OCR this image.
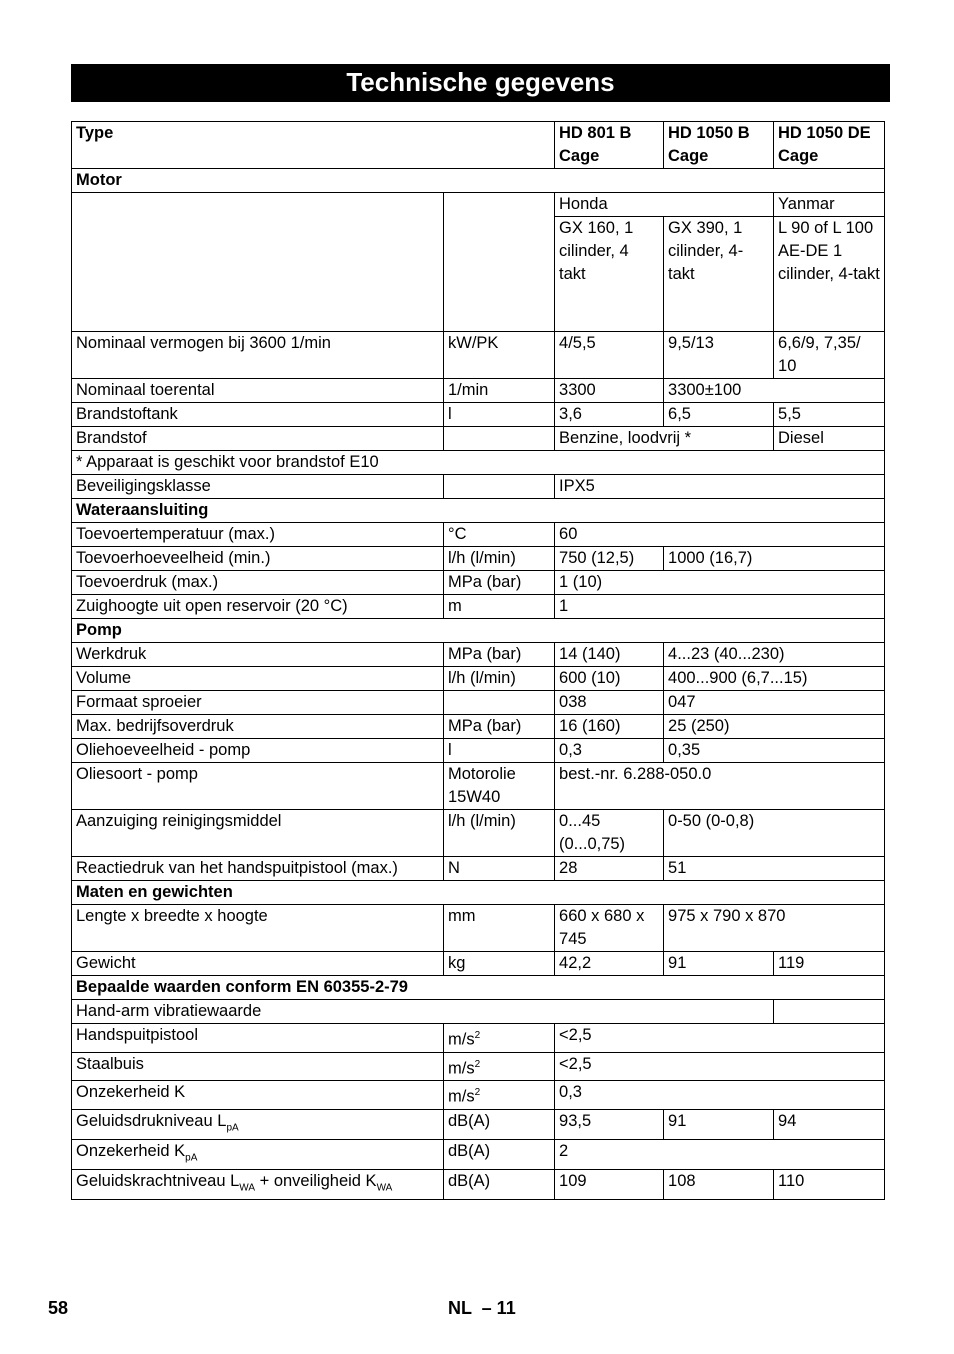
Technische gegevens
Type		HD 801 B Cage	HD 1050 B Cage	HD 1050 DE Cage
Motor				
		Honda		Yanmar
		GX 160, 1 cilinder, 4 takt	GX 390, 1 cilinder, 4-takt	L 90 of L 100 AE-DE 1 cilinder, 4-takt
Nominaal vermogen bij 3600 1/min	kW/PK	4/5,5	9,5/13	6,6/9, 7,35/ 10
Nominaal toerental	1/min	3300	3300±100	
Brandstoftank	l	3,6	6,5	5,5
Brandstof		Benzine, loodvrij *		Diesel
* Apparaat is geschikt voor brandstof E10				
Beveiligingsklasse		IPX5		
Wateraansluiting				
Toevoertemperatuur (max.)	°C	60		
Toevoerhoeveelheid (min.)	l/h (l/min)	750 (12,5)	1000 (16,7)	
Toevoerdruk (max.)	MPa (bar)	1 (10)		
Zuighoogte uit open reservoir (20 °C)	m	1		
Pomp				
Werkdruk	MPa (bar)	14 (140)	4...23 (40...230)	
Volume	l/h (l/min)	600 (10)	400...900 (6,7...15)	
Formaat sproeier		038	047	
Max. bedrijfsoverdruk	MPa (bar)	16 (160)	25 (250)	
Oliehoeveelheid - pomp	l	0,3	0,35	
Oliesoort - pomp	Motorolie 15W40	best.-nr. 6.288-050.0		
Aanzuiging reinigingsmiddel	l/h (l/min)	0...45 (0...0,75)	0-50 (0-0,8)	
Reactiedruk van het handspuitpistool (max.)	N	28	51	
Maten en gewichten				
Lengte x breedte x hoogte	mm	660 x 680 x 745	975 x 790 x 870	
Gewicht	kg	42,2	91	119
Bepaalde waarden conform EN 60355-2-79				
Hand-arm vibratiewaarde				
Handspuitpistool	$m/s^2$	<2,5		
Staalbuis	$m/s^2$	<2,5		
Onzekerheid K	$m/s^2$	0,3		
Geluidsdrukniveau $L_{pA}$	dB(A)	93,5	91	94
Onzekerheid $K_{pA}$	dB(A)	2		
Geluidskrachtniveau $L_{WA}$ + onveiligheid $K_{WA}$	dB(A)	109	108	110
58	NL  – 11
